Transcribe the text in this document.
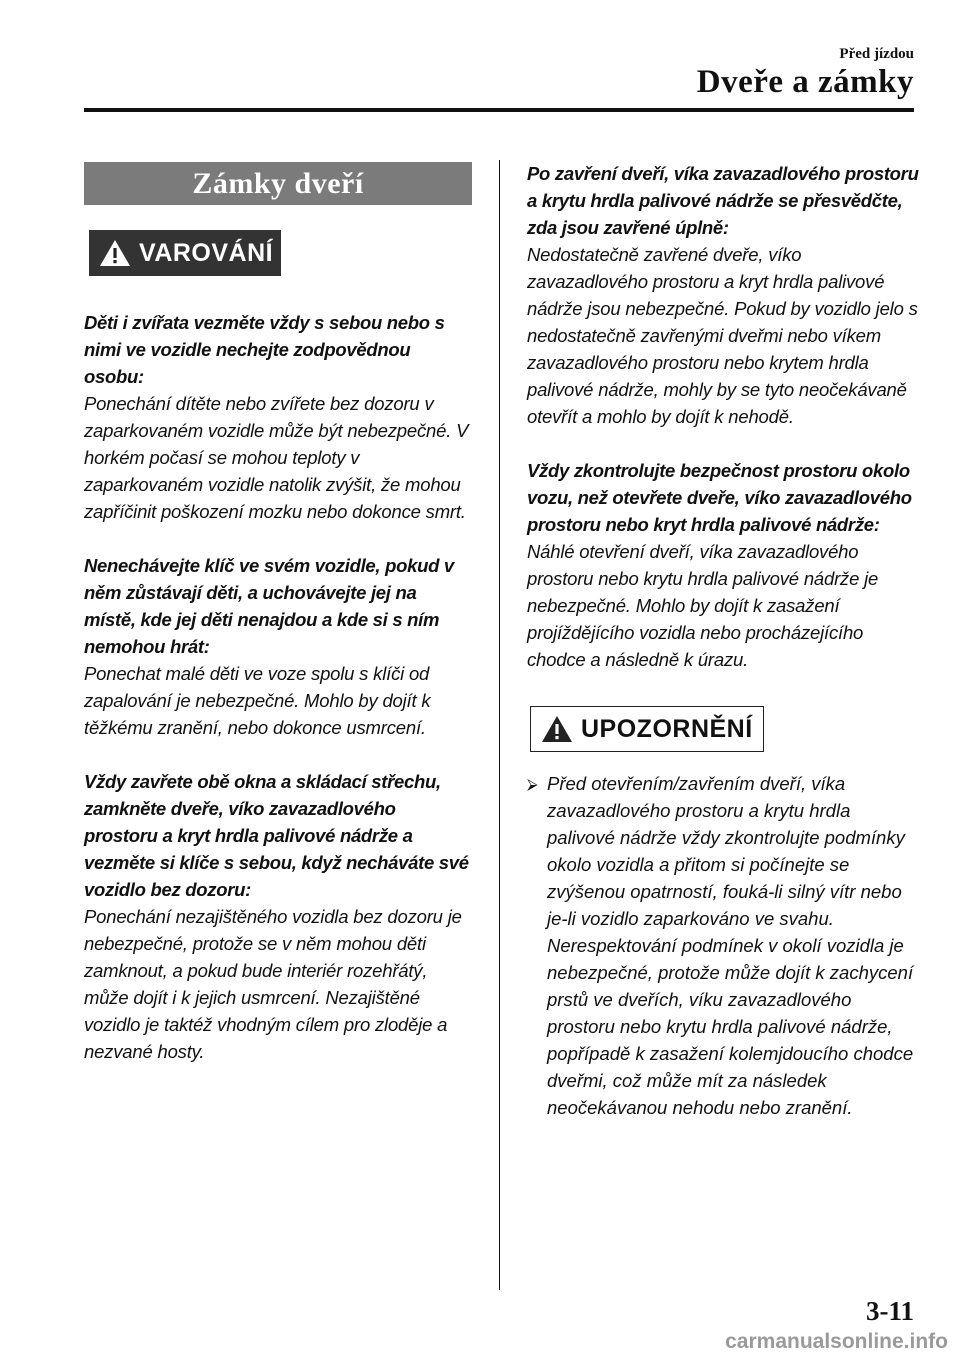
Před jízdou
Dveře a zámky
Zámky dveří
VAROVÁNÍ
Děti i zvířata vezměte vždy s sebou nebo s nimi ve vozidle nechejte zodpovědnou osobu:
Ponechání dítěte nebo zvířete bez dozoru v zaparkovaném vozidle může být nebezpečné. V horkém počasí se mohou teploty v zaparkovaném vozidle natolik zvýšit, že mohou zapříčinit poškození mozku nebo dokonce smrt.
Nenechávejte klíč ve svém vozidle, pokud v něm zůstávají děti, a uchovávejte jej na místě, kde jej děti nenajdou a kde si s ním nemohou hrát:
Ponechat malé děti ve voze spolu s klíči od zapalování je nebezpečné. Mohlo by dojít k těžkému zranění, nebo dokonce usmrcení.
Vždy zavřete obě okna a skládací střechu, zamkněte dveře, víko zavazadlového prostoru a kryt hrdla palivové nádrže a vezměte si klíče s sebou, když necháváte své vozidlo bez dozoru:
Ponechání nezajištěného vozidla bez dozoru je nebezpečné, protože se v něm mohou děti zamknout, a pokud bude interiér rozehřátý, může dojít i k jejich usmrcení. Nezajištěné vozidlo je taktéž vhodným cílem pro zloděje a nezvané hosty.
Po zavření dveří, víka zavazadlového prostoru a krytu hrdla palivové nádrže se přesvědčte, zda jsou zavřené úplně:
Nedostatečně zavřené dveře, víko zavazadlového prostoru a kryt hrdla palivové nádrže jsou nebezpečné. Pokud by vozidlo jelo s nedostatečně zavřenými dveřmi nebo víkem zavazadlového prostoru nebo krytem hrdla palivové nádrže, mohly by se tyto neočekávaně otevřít a mohlo by dojít k nehodě.
Vždy zkontrolujte bezpečnost prostoru okolo vozu, než otevřete dveře, víko zavazadlového prostoru nebo kryt hrdla palivové nádrže:
Náhlé otevření dveří, víka zavazadlového prostoru nebo krytu hrdla palivové nádrže je nebezpečné. Mohlo by dojít k zasažení projíždějícího vozidla nebo procházejícího chodce a následně k úrazu.
UPOZORNĚNÍ
⮚ Před otevřením/zavřením dveří, víka zavazadlového prostoru a krytu hrdla palivové nádrže vždy zkontrolujte podmínky okolo vozidla a přitom si počínejte se zvýšenou opatrností, fouká-li silný vítr nebo je-li vozidlo zaparkováno ve svahu. Nerespektování podmínek v okolí vozidla je nebezpečné, protože může dojít k zachycení prstů ve dveřích, víku zavazadlového prostoru nebo krytu hrdla palivové nádrže, popřípadě k zasažení kolemjdoucího chodce dveřmi, což může mít za následek neočekávanou nehodu nebo zranění.
3-11
carmanualsonline.info
